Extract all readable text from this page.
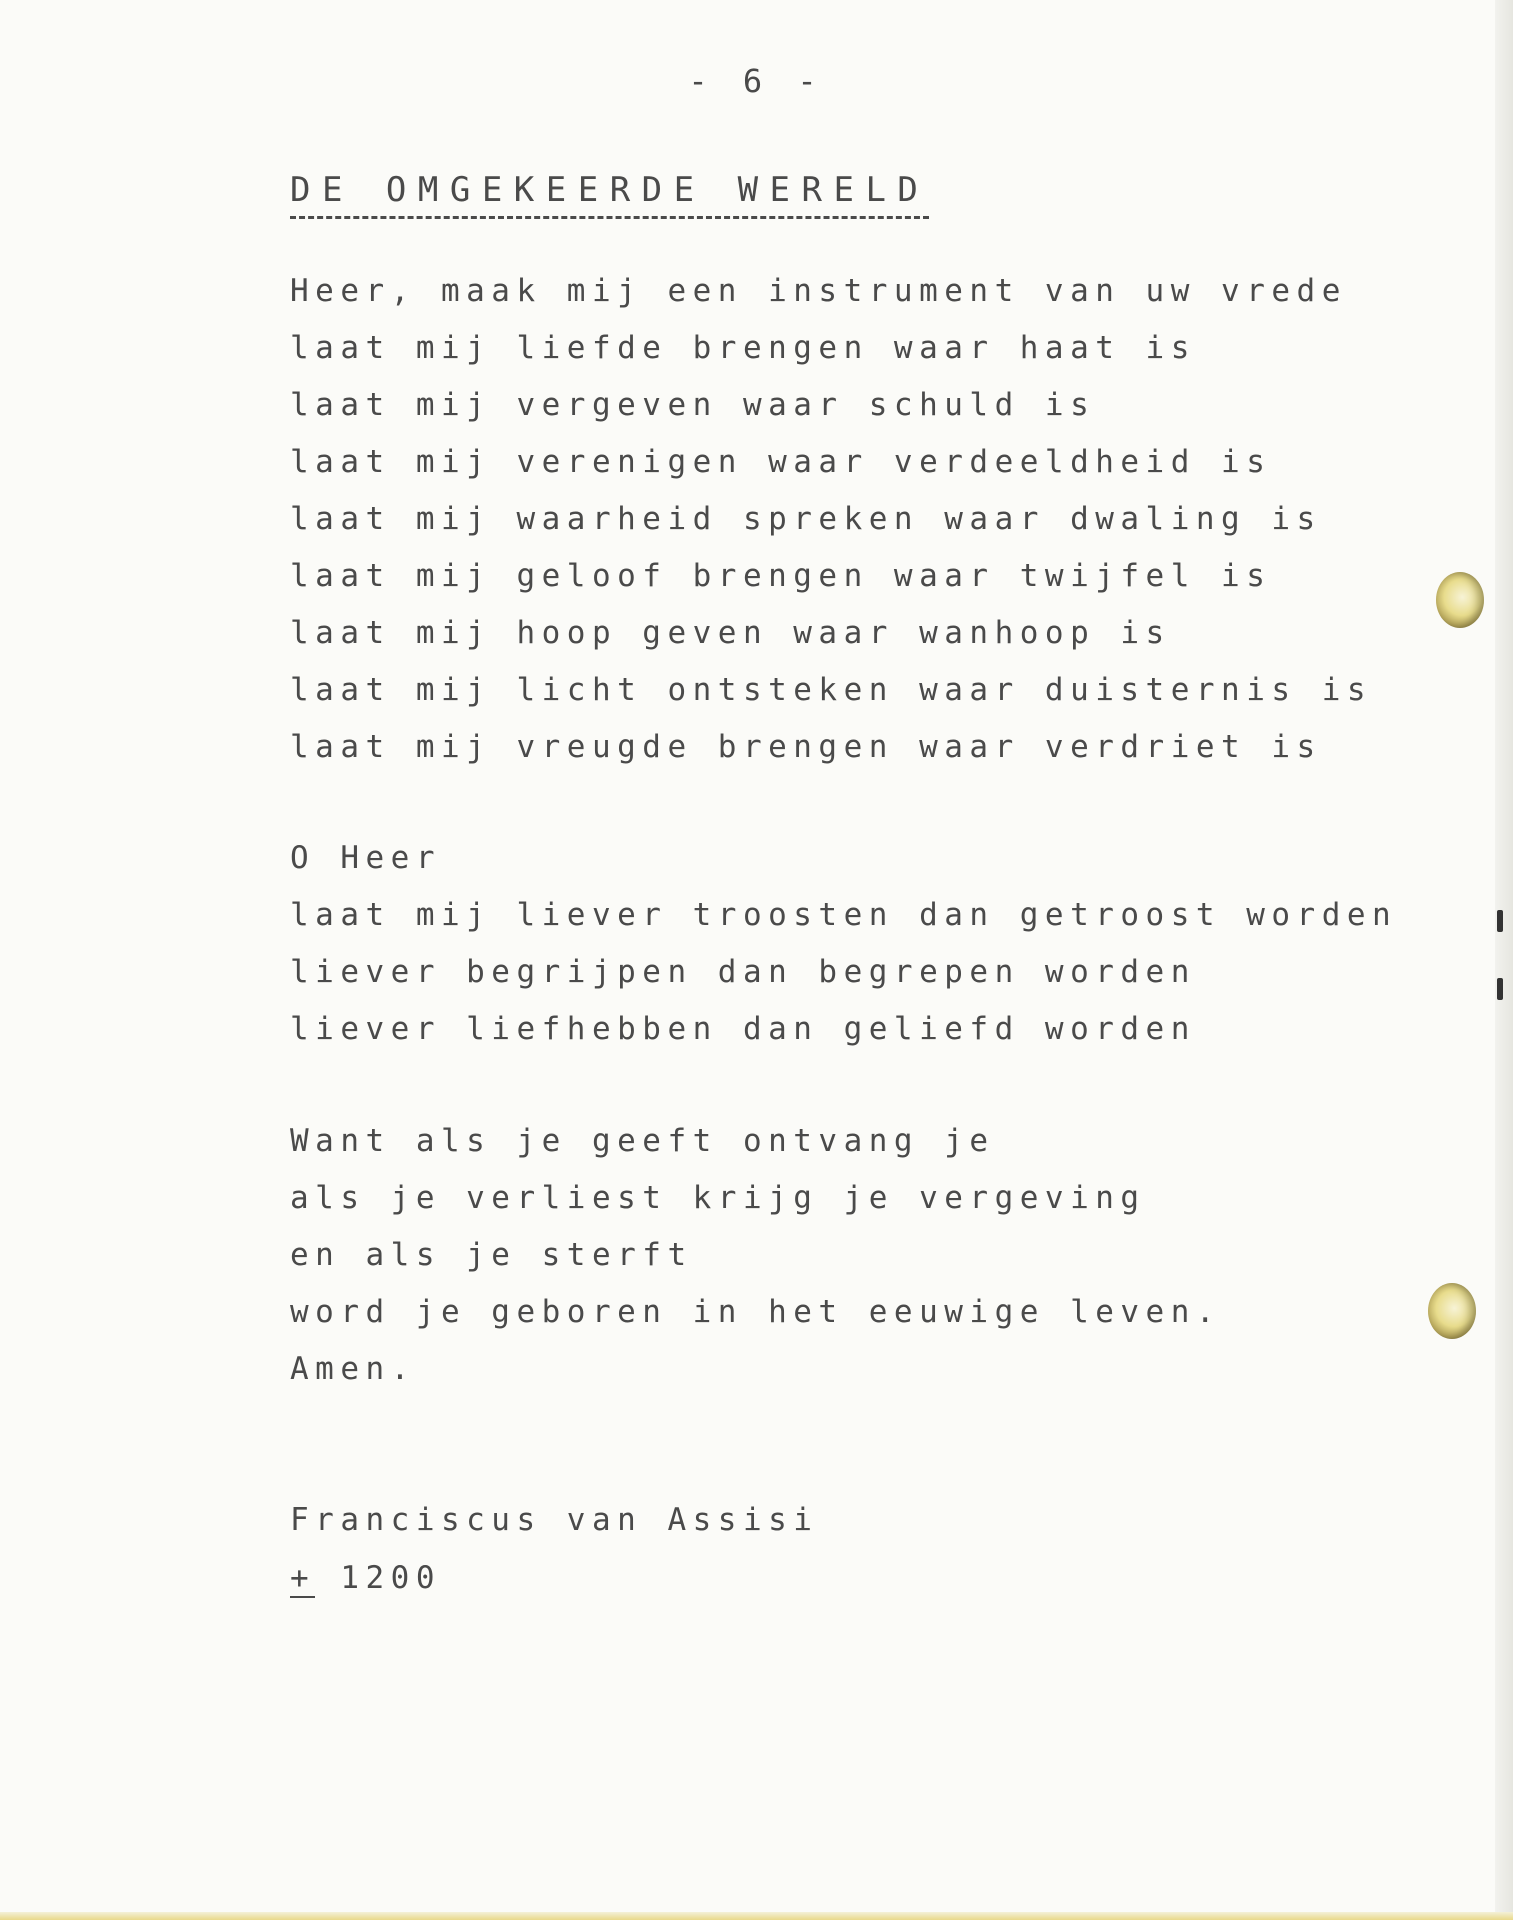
- 6 -
DE OMGEKEERDE WERELD
Heer, maak mij een instrument van uw vrede
laat mij liefde brengen waar haat is
laat mij vergeven waar schuld is
laat mij verenigen waar verdeeldheid is
laat mij waarheid spreken waar dwaling is
laat mij geloof brengen waar twijfel is
laat mij hoop geven waar wanhoop is
laat mij licht ontsteken waar duisternis is
laat mij vreugde brengen waar verdriet is
O Heer
laat mij liever troosten dan getroost worden
liever begrijpen dan begrepen worden
liever liefhebben dan geliefd worden
Want als je geeft ontvang je
als je verliest krijg je vergeving
en als je sterft
word je geboren in het eeuwige leven.
Amen.
Franciscus van Assisi
+ 1200
